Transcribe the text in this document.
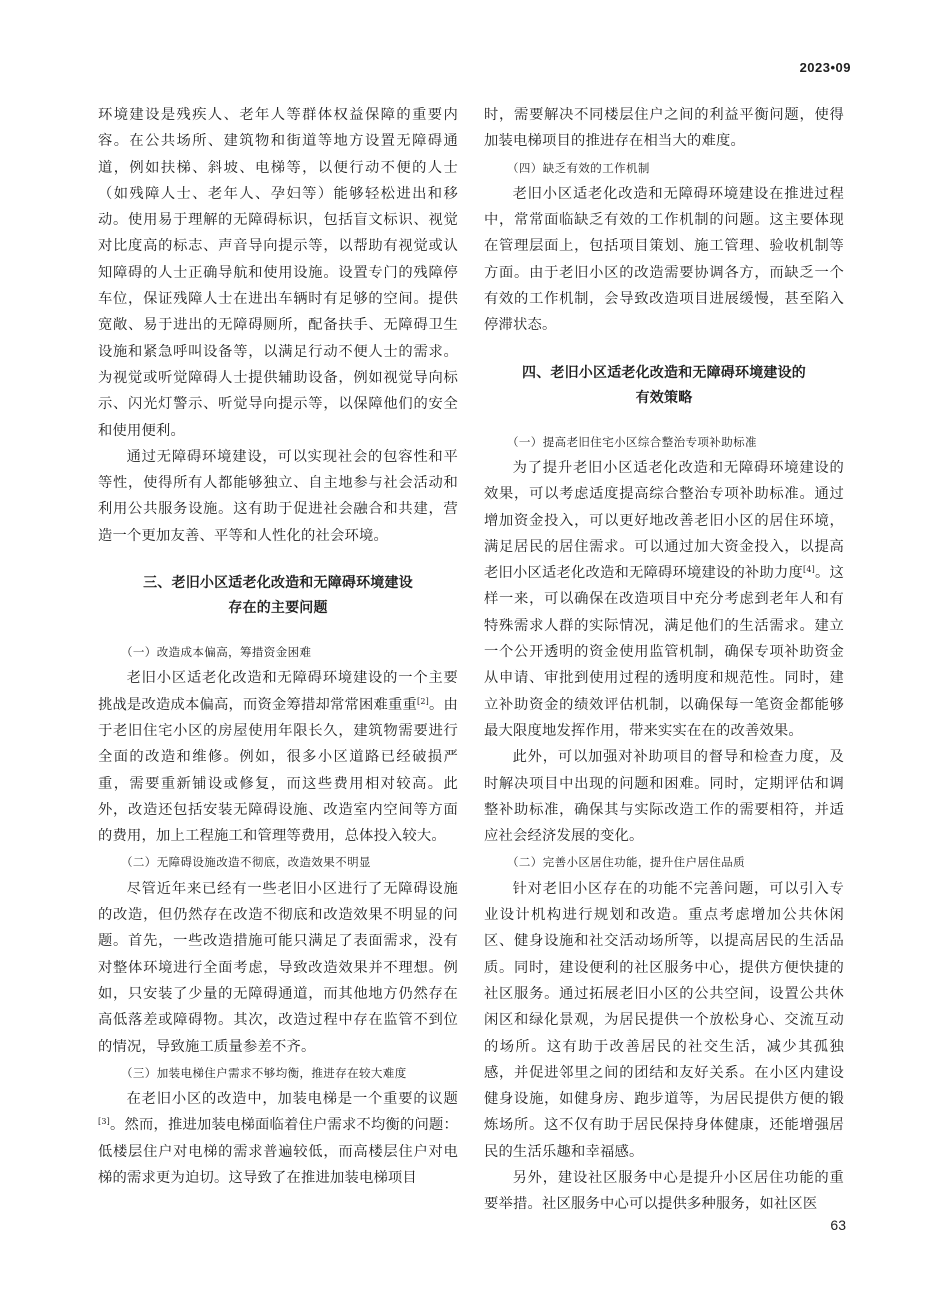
2023•09

环境建设是残疾人、老年人等群体权益保障的重要内容。在公共场所、建筑物和街道等地方设置无障碍通道，例如扶梯、斜坡、电梯等，以便行动不便的人士（如残障人士、老年人、孕妇等）能够轻松进出和移动。使用易于理解的无障碍标识，包括盲文标识、视觉对比度高的标志、声音导向提示等，以帮助有视觉或认知障碍的人士正确导航和使用设施。设置专门的残障停车位，保证残障人士在进出车辆时有足够的空间。提供宽敞、易于进出的无障碍厕所，配备扶手、无障碍卫生设施和紧急呼叫设备等，以满足行动不便人士的需求。为视觉或听觉障碍人士提供辅助设备，例如视觉导向标示、闪光灯警示、听觉导向提示等，以保障他们的安全和使用便利。

通过无障碍环境建设，可以实现社会的包容性和平等性，使得所有人都能够独立、自主地参与社会活动和利用公共服务设施。这有助于促进社会融合和共建，营造一个更加友善、平等和人性化的社会环境。

三、老旧小区适老化改造和无障碍环境建设
存在的主要问题

（一）改造成本偏高，筹措资金困难

老旧小区适老化改造和无障碍环境建设的一个主要挑战是改造成本偏高，而资金筹措却常常困难重重[2]。由于老旧住宅小区的房屋使用年限长久，建筑物需要进行全面的改造和维修。例如，很多小区道路已经破损严重，需要重新铺设或修复，而这些费用相对较高。此外，改造还包括安装无障碍设施、改造室内空间等方面的费用，加上工程施工和管理等费用，总体投入较大。

（二）无障碍设施改造不彻底，改造效果不明显

尽管近年来已经有一些老旧小区进行了无障碍设施的改造，但仍然存在改造不彻底和改造效果不明显的问题。首先，一些改造措施可能只满足了表面需求，没有对整体环境进行全面考虑，导致改造效果并不理想。例如，只安装了少量的无障碍通道，而其他地方仍然存在高低落差或障碍物。其次，改造过程中存在监管不到位的情况，导致施工质量参差不齐。

（三）加装电梯住户需求不够均衡，推进存在较大难度

在老旧小区的改造中，加装电梯是一个重要的议题[3]。然而，推进加装电梯面临着住户需求不均衡的问题：低楼层住户对电梯的需求普遍较低，而高楼层住户对电梯的需求更为迫切。这导致了在推进加装电梯项目

时，需要解决不同楼层住户之间的利益平衡问题，使得加装电梯项目的推进存在相当大的难度。

（四）缺乏有效的工作机制

老旧小区适老化改造和无障碍环境建设在推进过程中，常常面临缺乏有效的工作机制的问题。这主要体现在管理层面上，包括项目策划、施工管理、验收机制等方面。由于老旧小区的改造需要协调各方，而缺乏一个有效的工作机制，会导致改造项目进展缓慢，甚至陷入停滞状态。

四、老旧小区适老化改造和无障碍环境建设的
有效策略

（一）提高老旧住宅小区综合整治专项补助标准

为了提升老旧小区适老化改造和无障碍环境建设的效果，可以考虑适度提高综合整治专项补助标准。通过增加资金投入，可以更好地改善老旧小区的居住环境，满足居民的居住需求。可以通过加大资金投入，以提高老旧小区适老化改造和无障碍环境建设的补助力度[4]。这样一来，可以确保在改造项目中充分考虑到老年人和有特殊需求人群的实际情况，满足他们的生活需求。建立一个公开透明的资金使用监管机制，确保专项补助资金从申请、审批到使用过程的透明度和规范性。同时，建立补助资金的绩效评估机制，以确保每一笔资金都能够最大限度地发挥作用，带来实实在在的改善效果。

此外，可以加强对补助项目的督导和检查力度，及时解决项目中出现的问题和困难。同时，定期评估和调整补助标准，确保其与实际改造工作的需要相符，并适应社会经济发展的变化。

（二）完善小区居住功能，提升住户居住品质

针对老旧小区存在的功能不完善问题，可以引入专业设计机构进行规划和改造。重点考虑增加公共休闲区、健身设施和社交活动场所等，以提高居民的生活品质。同时，建设便利的社区服务中心，提供方便快捷的社区服务。通过拓展老旧小区的公共空间，设置公共休闲区和绿化景观，为居民提供一个放松身心、交流互动的场所。这有助于改善居民的社交生活，减少其孤独感，并促进邻里之间的团结和友好关系。在小区内建设健身设施，如健身房、跑步道等，为居民提供方便的锻炼场所。这不仅有助于居民保持身体健康，还能增强居民的生活乐趣和幸福感。

另外，建设社区服务中心是提升小区居住功能的重要举措。社区服务中心可以提供多种服务，如社区医

63
